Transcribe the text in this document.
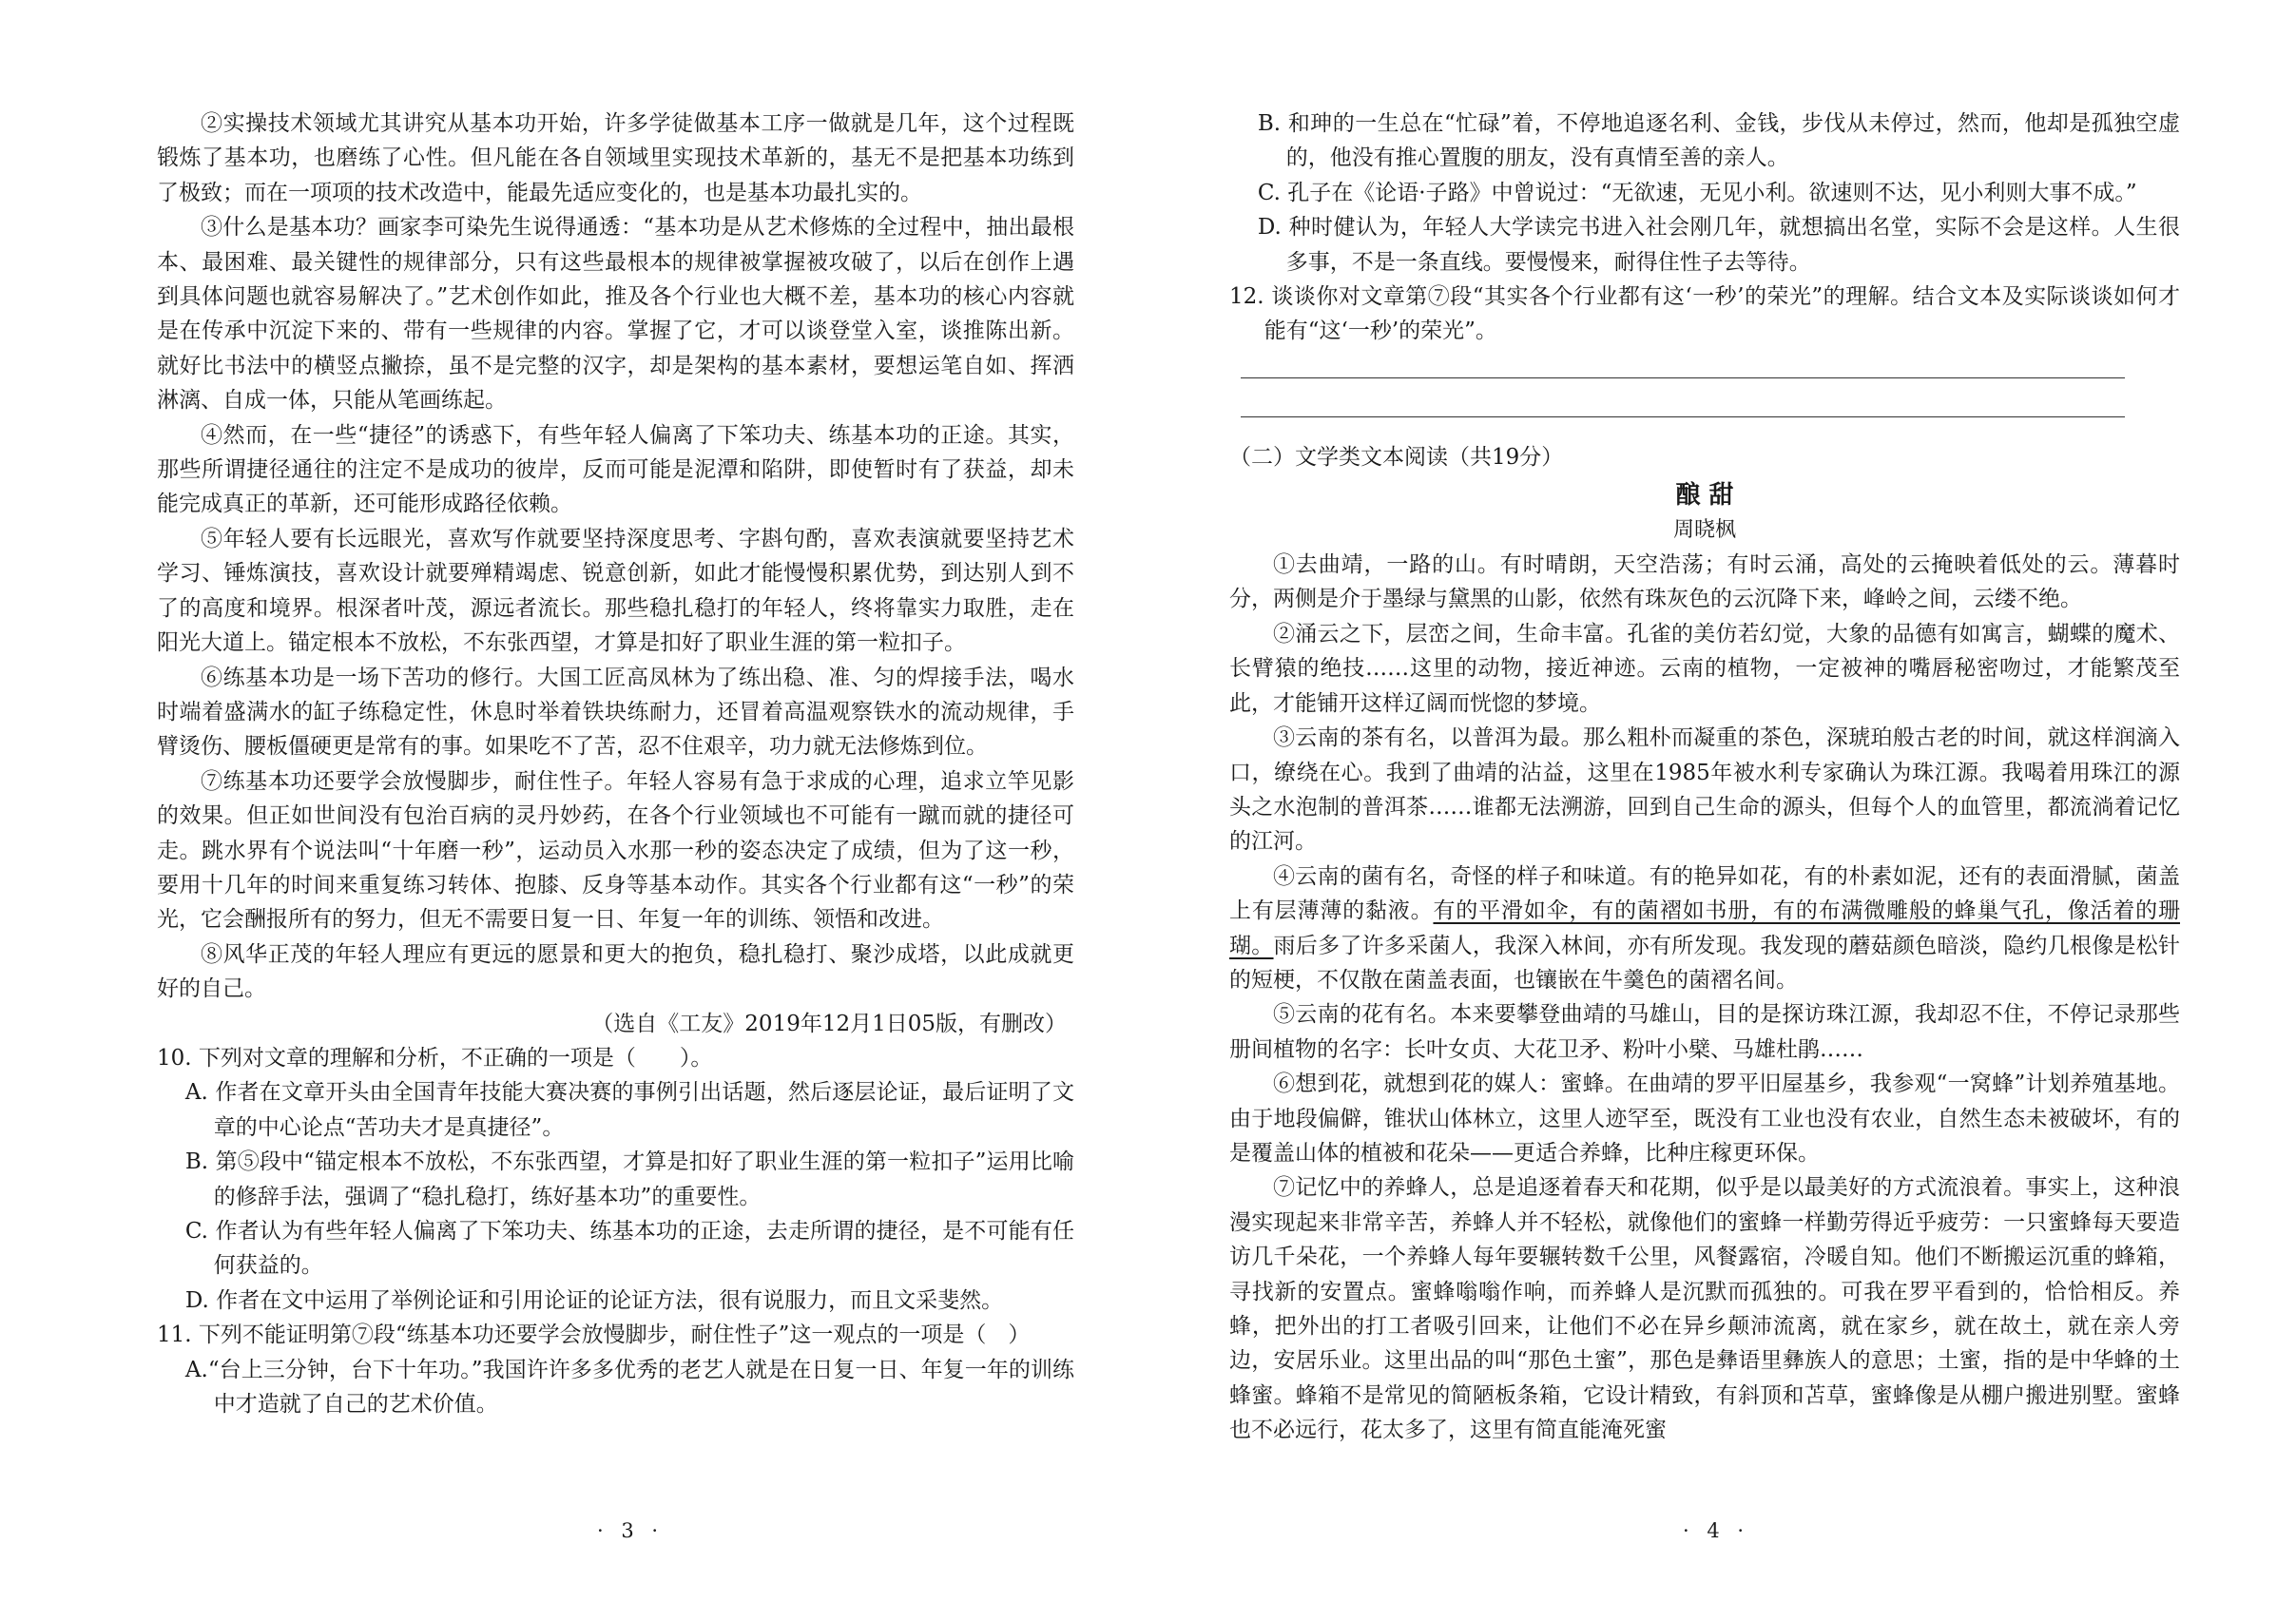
②实操技术领域尤其讲究从基本功开始，许多学徒做基本工序一做就是几年，这个过程既锻炼了基本功，也磨练了心性。但凡能在各自领域里实现技术革新的，基无不是把基本功练到了极致；而在一项项的技术改造中，能最先适应变化的，也是基本功最扎实的。

③什么是基本功？画家李可染先生说得通透：“基本功是从艺术修炼的全过程中，抽出最根本、最困难、最关键性的规律部分，只有这些最根本的规律被掌握被攻破了，以后在创作上遇到具体问题也就容易解决了。”艺术创作如此，推及各个行业也大概不差，基本功的核心内容就是在传承中沉淀下来的、带有一些规律的内容。掌握了它，才可以谈登堂入室，谈推陈出新。就好比书法中的横竖点撇捺，虽不是完整的汉字，却是架构的基本素材，要想运笔自如、挥洒淋漓、自成一体，只能从笔画练起。

④然而，在一些“捷径”的诱惑下，有些年轻人偏离了下笨功夫、练基本功的正途。其实，那些所谓捷径通往的注定不是成功的彼岸，反而可能是泥潭和陷阱，即使暂时有了获益，却未能完成真正的革新，还可能形成路径依赖。

⑤年轻人要有长远眼光，喜欢写作就要坚持深度思考、字斟句酌，喜欢表演就要坚持艺术学习、锤炼演技，喜欢设计就要殚精竭虑、锐意创新，如此才能慢慢积累优势，到达别人到不了的高度和境界。根深者叶茂，源远者流长。那些稳扎稳打的年轻人，终将靠实力取胜，走在阳光大道上。锚定根本不放松，不东张西望，才算是扣好了职业生涯的第一粒扣子。

⑥练基本功是一场下苦功的修行。大国工匠高凤林为了练出稳、准、匀的焊接手法，喝水时端着盛满水的缸子练稳定性，休息时举着铁块练耐力，还冒着高温观察铁水的流动规律，手臂烫伤、腰板僵硬更是常有的事。如果吃不了苦，忍不住艰辛，功力就无法修炼到位。

⑦练基本功还要学会放慢脚步，耐住性子。年轻人容易有急于求成的心理，追求立竿见影的效果。但正如世间没有包治百病的灵丹妙药，在各个行业领域也不可能有一蹴而就的捷径可走。跳水界有个说法叫“十年磨一秒”，运动员入水那一秒的姿态决定了成绩，但为了这一秒，要用十几年的时间来重复练习转体、抱膝、反身等基本动作。其实各个行业都有这“一秒”的荣光，它会酬报所有的努力，但无不需要日复一日、年复一年的训练、领悟和改进。

⑧风华正茂的年轻人理应有更远的愿景和更大的抱负，稳扎稳打、聚沙成塔，以此成就更好的自己。

（选自《工友》2019年12月1日05版，有删改）

10. 下列对文章的理解和分析，不正确的一项是（　　）。

A. 作者在文章开头由全国青年技能大赛决赛的事例引出话题，然后逐层论证，最后证明了文章的中心论点“苦功夫才是真捷径”。

B. 第⑤段中“锚定根本不放松，不东张西望，才算是扣好了职业生涯的第一粒扣子”运用比喻的修辞手法，强调了“稳扎稳打，练好基本功”的重要性。

C. 作者认为有些年轻人偏离了下笨功夫、练基本功的正途，去走所谓的捷径，是不可能有任何获益的。

D. 作者在文中运用了举例论证和引用论证的论证方法，很有说服力，而且文采斐然。

11. 下列不能证明第⑦段“练基本功还要学会放慢脚步，耐住性子”这一观点的一项是（　）

A.“台上三分钟，台下十年功。”我国许许多多优秀的老艺人就是在日复一日、年复一年的训练中才造就了自己的艺术价值。

· 3 ·

B. 和珅的一生总在“忙碌”着，不停地追逐名利、金钱，步伐从未停过，然而，他却是孤独空虚的，他没有推心置腹的朋友，没有真情至善的亲人。

C. 孔子在《论语·子路》中曾说过：“无欲速，无见小利。欲速则不达，见小利则大事不成。”

D. 种时健认为，年轻人大学读完书进入社会刚几年，就想搞出名堂，实际不会是这样。人生很多事，不是一条直线。要慢慢来，耐得住性子去等待。

12. 谈谈你对文章第⑦段“其实各个行业都有这‘一秒’的荣光”的理解。结合文本及实际谈谈如何才能有“这‘一秒’的荣光”。

（二）文学类文本阅读（共19分）

酿 甜

周晓枫

①去曲靖，一路的山。有时晴朗，天空浩荡；有时云涌，高处的云掩映着低处的云。薄暮时分，两侧是介于墨绿与黛黑的山影，依然有珠灰色的云沉降下来，峰岭之间，云缕不绝。

②涌云之下，层峦之间，生命丰富。孔雀的美仿若幻觉，大象的品德有如寓言，蝴蝶的魔术、长臂猿的绝技……这里的动物，接近神迹。云南的植物，一定被神的嘴唇秘密吻过，才能繁茂至此，才能铺开这样辽阔而恍惚的梦境。

③云南的茶有名，以普洱为最。那么粗朴而凝重的茶色，深琥珀般古老的时间，就这样润滴入口，缭绕在心。我到了曲靖的沾益，这里在1985年被水利专家确认为珠江源。我喝着用珠江的源头之水泡制的普洱茶……谁都无法溯游，回到自己生命的源头，但每个人的血管里，都流淌着记忆的江河。

④云南的菌有名，奇怪的样子和味道。有的艳异如花，有的朴素如泥，还有的表面滑腻，菌盖上有层薄薄的黏液。有的平滑如伞，有的菌褶如书册，有的布满微雕般的蜂巢气孔，像活着的珊瑚。雨后多了许多采菌人，我深入林间，亦有所发现。我发现的蘑菇颜色暗淡，隐约几根像是松针的短梗，不仅散在菌盖表面，也镶嵌在牛羹色的菌褶名间。

⑤云南的花有名。本来要攀登曲靖的马雄山，目的是探访珠江源，我却忍不住，不停记录那些册间植物的名字：长叶女贞、大花卫矛、粉叶小檗、马雄杜鹃……

⑥想到花，就想到花的媒人：蜜蜂。在曲靖的罗平旧屋基乡，我参观“一窝蜂”计划养殖基地。由于地段偏僻，锥状山体林立，这里人迹罕至，既没有工业也没有农业，自然生态未被破坏，有的是覆盖山体的植被和花朵——更适合养蜂，比种庄稼更环保。

⑦记忆中的养蜂人，总是追逐着春天和花期，似乎是以最美好的方式流浪着。事实上，这种浪漫实现起来非常辛苦，养蜂人并不轻松，就像他们的蜜蜂一样勤劳得近乎疲劳：一只蜜蜂每天要造访几千朵花，一个养蜂人每年要辗转数千公里，风餐露宿，冷暖自知。他们不断搬运沉重的蜂箱，寻找新的安置点。蜜蜂嗡嗡作响，而养蜂人是沉默而孤独的。可我在罗平看到的，恰恰相反。养蜂，把外出的打工者吸引回来，让他们不必在异乡颠沛流离，就在家乡，就在故土，就在亲人旁边，安居乐业。这里出品的叫“那色土蜜”，那色是彝语里彝族人的意思；土蜜，指的是中华蜂的土蜂蜜。蜂箱不是常见的简陋板条箱，它设计精致，有斜顶和苫草，蜜蜂像是从棚户搬进别墅。蜜蜂也不必远行，花太多了，这里有简直能淹死蜜

· 4 ·
